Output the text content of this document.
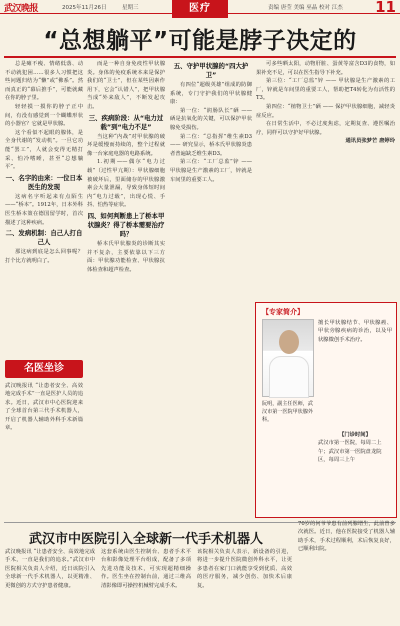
武汉晚报	2025年11月26日	星期三	责编 唐莹 美编 巫晶 校对 江杰 11
医疗
“总想躺平”可能是脖子决定的

总是瘫不瘦、情绪低落、动不动就犯困……很多人习惯把这些问题归结为“懒”或“佛系”。然而真正的“幕后推手”，可能就藏在你的脖子里。

轻轻摸一摸你的脖子正中间，有没有感觉到一个蝴蝶形状的小器官？它就是甲状腺。

这个看似不起眼的腺体，是全身代谢的“发动机”。一旦它功能“罢工”，人就会变得无精打采、怕冷嗜睡，甚至“总想躺平”。

一、名字的由来：一位日本医生的发现

这病名字听起来有点陌生——“桥本”。1912年，日本外科医生桥本策在德国留学时，首次描述了这种疾病。

二、发病机制：自己人打自己人

那这病到底是怎么回事呢？打个比方就明白了。

而是一种自身免疫性甲状腺炎。身体的免疫系统本来是保护我们的“卫士”，但在某些因素作用下，它会“认错人”，把甲状腺当成“外来敌人”，不断发起攻击。

三、疾病阶段：从“电力过载”到“电力不足”

当这种“内战”对甲状腺的破坏是缓慢而持续的，整个过程就像一台家庭电器的电路系统。

1.初期——偶尔“电力过载”（过性甲亢期）：甲状腺细胞被破坏后，里面储存的甲状腺激素会大量泄漏，导致身体短时间内“电力过载”，出现心慌、手抖、怕热等症状。

四、如何判断患上了桥本甲状腺炎？得了桥本需要治疗吗？

桥本氏甲状腺炎的诊断其实并不复杂，主要依靠以下三方面：甲状腺功能检查、甲状腺抗体检查和超声检查。

五、守护甲状腺的“四大护卫”

有四位“超级英雄”组成的防御系统，专门守护我们的甲状腺健康：

第一位：“润肠队长”硒 —— 硒是抗氧化的关键，可以保护甲状腺免受损伤。

第二位：“总指挥”维生素D3 —— 研究显示，桥本氏甲状腺炎患者普遍缺乏维生素D3。

第三位：“工厂总监”锌 —— 甲状腺是生产激素的工厂，锌就是车间里的重要工人。

可多些晒太阳，动物肝脏、蛋黄等富含D3的食物，如果补充不足，可以在医生指导下补充。

第三位：“工厂总监”锌 —— 甲状腺是生产激素的工厂，锌就是车间里的重要工人，帮助把T4转化为有活性的T3。

第四位：“植物卫士”硒 —— 保护甲状腺细胞，减轻炎症反应。

在日常生活中，不必过度焦虑，定期复查、遵医嘱治疗，同样可以守护好甲状腺。

通讯员张梦芒 唐婷玲

名医坐诊

武汉晚报讯 “让患者安全、高效地完成手术”一直是医护人员的追求。近日，武汉市中心医院迎来了全球首台第三代手术机器人，开启了机器人辅助外科手术新篇章。

【专家简介】
擅长甲状腺结节、甲状腺癌、甲状旁腺疾病的诊治，以及甲状腺微创手术治疗。
阮明，副主任医师，武汉市第一医院甲状腺外科。
【门诊时间】
武汉市第一医院，每周二上午；武汉市第一医院盘龙院区，每周三上午
武汉市中医院引入全球新一代手术机器人
武汉晚报讯 “让患者安全、高效地完成手术，一直是我们的追求。”武汉市中医院相关负责人介绍，近日该院引入全球新一代手术机器人，以更精准、更微创的方式守护患者健康。
这套系统由医生控制台、患者手术平台和影像处理平台组成，配备了多项先进功能及技术，可实现超精细操作。医生坐在控制台前，通过三维高清影像即可操控机械臂完成手术。
该院相关负责人表示，新设备的引进，将进一步提升医院微创外科水平，让更多患者在家门口就能享受到优质、高效的医疗服务，减少创伤、加快术后康复。
70岁的何爷爷患有前列腺增生，此前曾多次就医。近日，他在医院接受了机器人辅助手术，手术过程顺利，术后恢复良好，已顺利出院。
